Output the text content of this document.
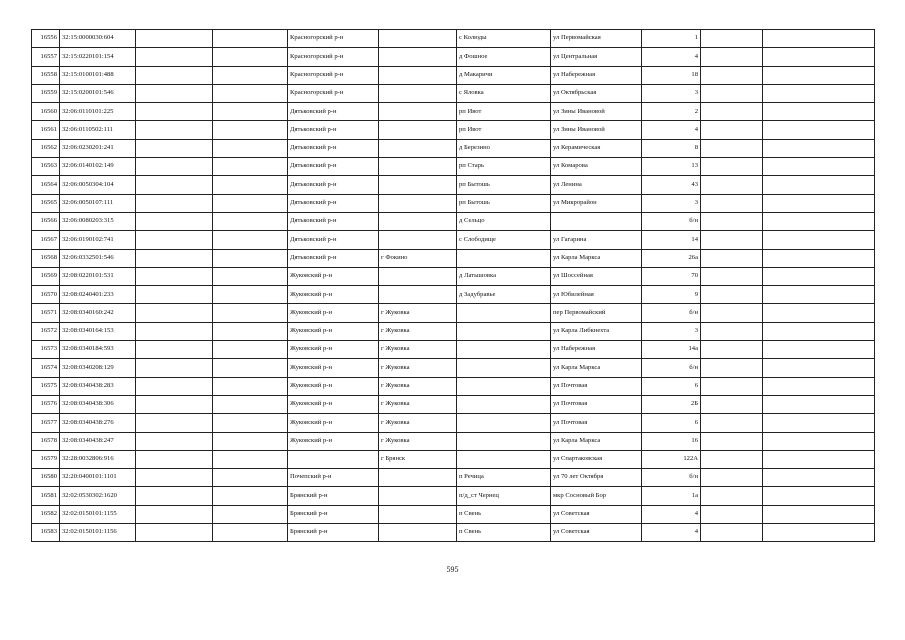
16556	32:15:0000030:604			Красногорский р-н		с Колюды	ул Первомайская	1		
16557	32:15:0220101:154			Красногорский р-н		д Фошное	ул Центральная	4		
16558	32:15:0100101:488			Красногорский р-н		д Макаричи	ул Набережная	18		
16559	32:15:0200101:546			Красногорский р-н		с Яловка	ул Октябрьская	3		
16560	32:06:0110101:225			Дятьковский р-н		рп Ивот	ул Зины Ивановой	2		
16561	32:06:0110502:111			Дятьковский р-н		рп Ивот	ул Зины Ивановой	4		
16562	32:06:0230201:241			Дятьковский р-н		д Березино	ул Керамическая	8		
16563	32:06:0140102:149			Дятьковский р-н		рп Старь	ул Комарова	13		
16564	32:06:0050304:104			Дятьковский р-н		рп Бытошь	ул Ленина	43		
16565	32:06:0050107:111			Дятьковский р-н		рп Бытошь	ул Микрорайон	3		
16566	32:06:0080203:315			Дятьковский р-н		д Сельцо		б/н		
16567	32:06:0190102:741			Дятьковский р-н		с Слободище	ул Гагарина	14		
16568	32:06:0332501:546			Дятьковский р-н	г Фокино		ул Карла Маркса	26а		
16569	32:08:0220101:531			Жуковский р-н		д Латышовка	ул Шоссейная	70		
16570	32:08:0240401:233			Жуковский р-н		д Задубравье	ул Юбилейная	9		
16571	32:08:0340160:242			Жуковский р-н	г Жуковка		пер Первомайский	б/н		
16572	32:08:0340164:153			Жуковский р-н	г Жуковка		ул Карла Либкнехта	3		
16573	32:08:0340184:593			Жуковский р-н	г Жуковка		ул Набережная	14а		
16574	32:08:0340208:129			Жуковский р-н	г Жуковка		ул Карла Маркса	б/н		
16575	32:08:0340438:283			Жуковский р-н	г Жуковка		ул Почтовая	6		
16576	32:08:0340438:306			Жуковский р-н	г Жуковка		ул Почтовая	2Б		
16577	32:08:0340438:276			Жуковский р-н	г Жуковка		ул Почтовая	6		
16578	32:08:0340438:247			Жуковский р-н	г Жуковка		ул Карла Маркса	16		
16579	32:28:0032806:916				г Брянск		ул Спартаковская	122А		
16580	32:20:0400101:1101			Почепский р-н		п Речица	ул 70 лет Октября	б/н		
16581	32:02:0530302:1620			Брянский р-н		п/д_ст Чернец	мкр Сосновый Бор	1а		
16582	32:02:0150101:1155			Брянский р-н		п Свень	ул Советская	4		
16583	32:02:0150101:1156			Брянский р-н		п Свень	ул Советская	4		
595
